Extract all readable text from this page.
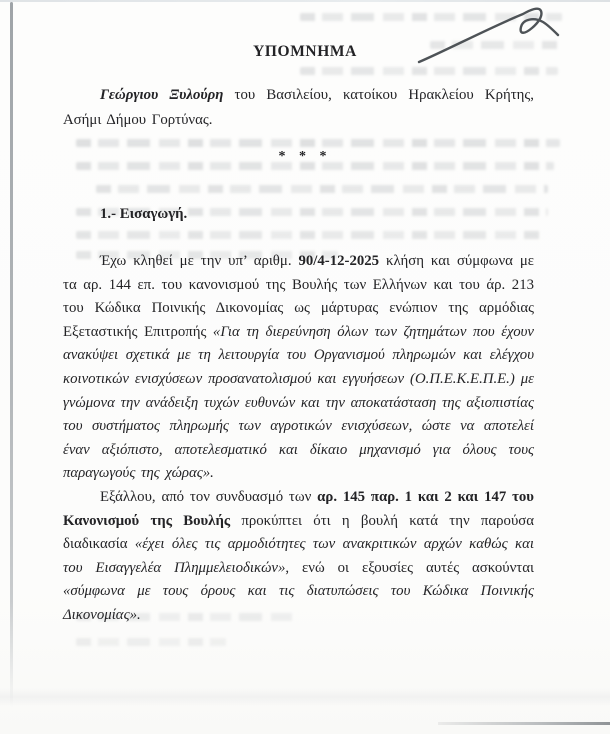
ΥΠΟΜΝΗΜΑ

Γεώργιου Ξυλούρη του Βασιλείου, κατοίκου Ηρακλείου Κρήτης, Ασήμι Δήμου Γορτύνας.

* * *
1.- Εισαγωγή.

Έχω κληθεί με την υπ’ αριθμ. 90/4-12-2025 κλήση και σύμφωνα με τα αρ. 144 επ. του κανονισμού της Βουλής των Ελλήνων και του άρ. 213 του Κώδικα Ποινικής Δικονομίας ως μάρτυρας ενώπιον της αρμόδιας Εξεταστικής Επιτροπής «Για τη διερεύνηση όλων των ζητημάτων που έχουν ανακύψει σχετικά με τη λειτουργία του Οργανισμού πληρωμών και ελέγχου κοινοτικών ενισχύσεων προσανατολισμού και εγγυήσεων (Ο.Π.Ε.Κ.Ε.Π.Ε.) με γνώμονα την ανάδειξη τυχών ευθυνών και την αποκατάσταση της αξιοπιστίας του συστήματος πληρωμής των αγροτικών ενισχύσεων, ώστε να αποτελεί έναν αξιόπιστο, αποτελεσματικό και δίκαιο μηχανισμό για όλους τους παραγωγούς της χώρας».

Εξάλλου, από τον συνδυασμό των αρ. 145 παρ. 1 και 2 και 147 του Κανονισμού της Βουλής προκύπτει ότι η βουλή κατά την παρούσα διαδικασία «έχει όλες τις αρμοδιότητες των ανακριτικών αρχών καθώς και του Εισαγγελέα Πλημμελειοδικών», ενώ οι εξουσίες αυτές ασκούνται «σύμφωνα με τους όρους και τις διατυπώσεις του Κώδικα Ποινικής Δικονομίας».
